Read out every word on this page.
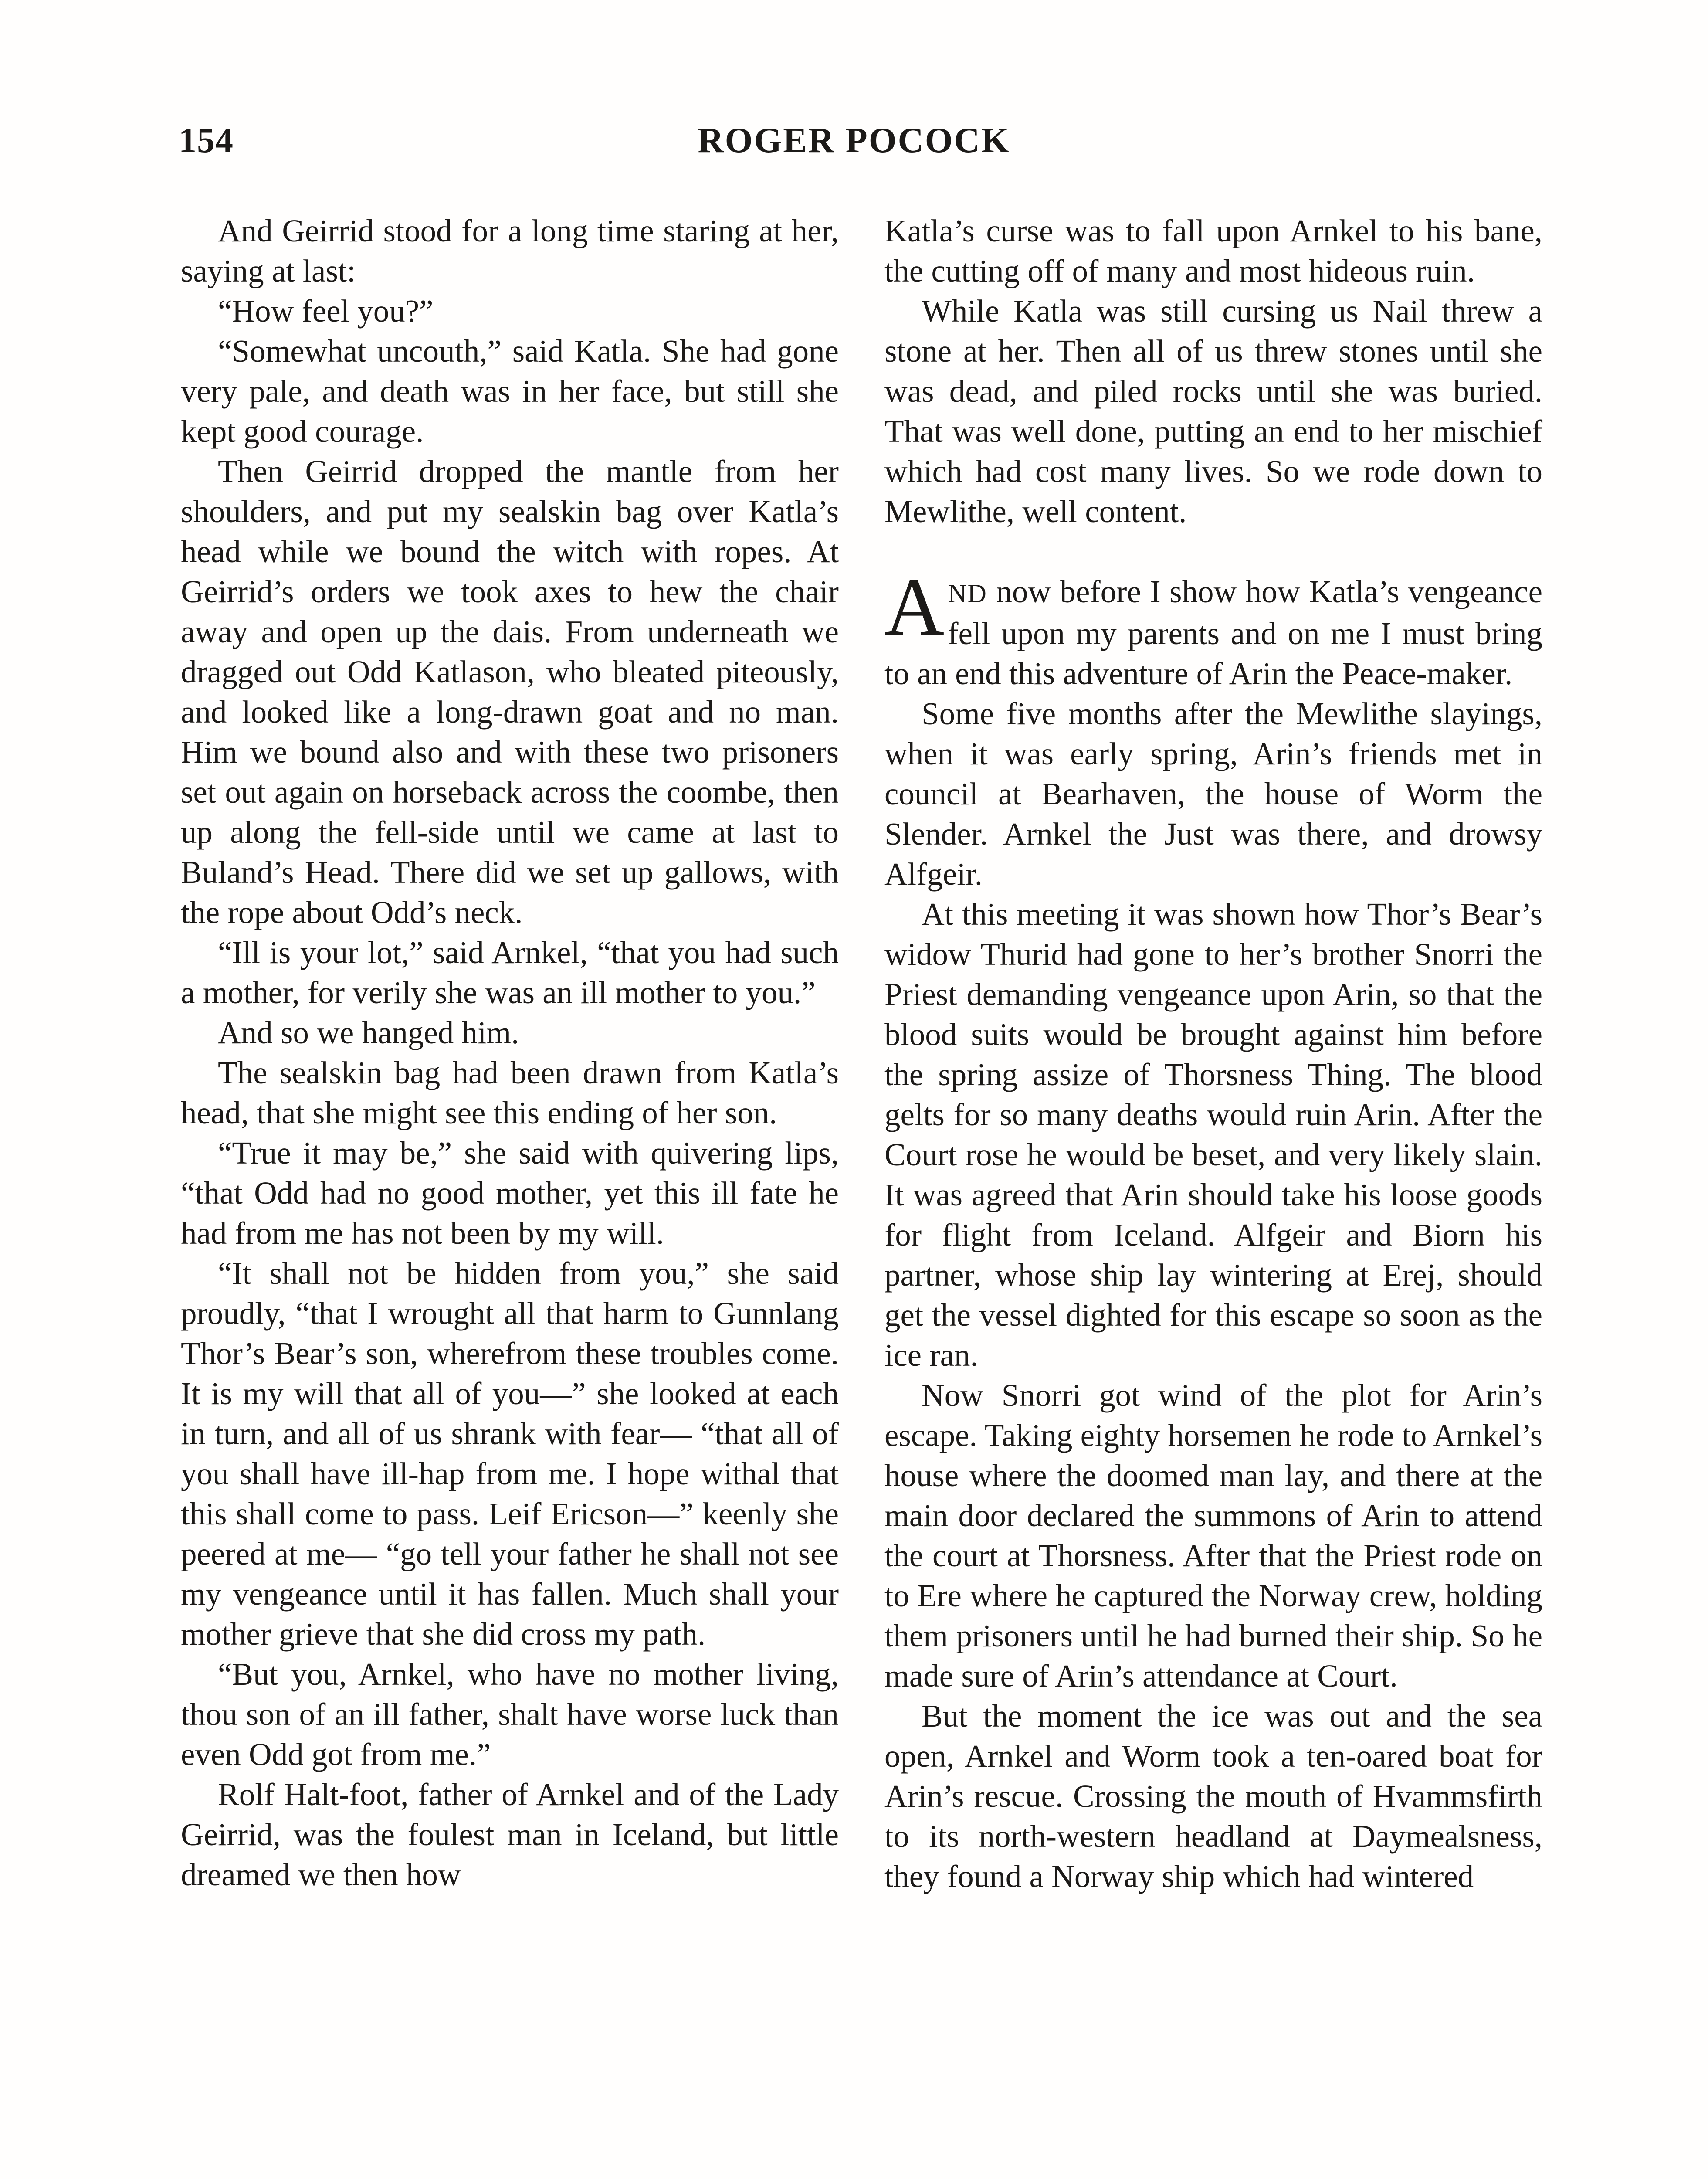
154	ROGER POCOCK

And Geirrid stood for a long time staring at her, saying at last:

“How feel you?”

“Somewhat uncouth,” said Katla. She had gone very pale, and death was in her face, but still she kept good courage.

Then Geirrid dropped the mantle from her shoulders, and put my sealskin bag over Katla’s head while we bound the witch with ropes. At Geirrid’s orders we took axes to hew the chair away and open up the dais. From underneath we dragged out Odd Katlason, who bleated piteously, and looked like a long-drawn goat and no man. Him we bound also and with these two prisoners set out again on horseback across the coombe, then up along the fell-side until we came at last to Buland’s Head. There did we set up gallows, with the rope about Odd’s neck.

“Ill is your lot,” said Arnkel, “that you had such a mother, for verily she was an ill mother to you.”

And so we hanged him.

The sealskin bag had been drawn from Katla’s head, that she might see this ending of her son.

“True it may be,” she said with quivering lips, “that Odd had no good mother, yet this ill fate he had from me has not been by my will.

“It shall not be hidden from you,” she said proudly, “that I wrought all that harm to Gunnlang Thor’s Bear’s son, wherefrom these troubles come. It is my will that all of you—” she looked at each in turn, and all of us shrank with fear— “that all of you shall have ill-hap from me. I hope withal that this shall come to pass. Leif Ericson—” keenly she peered at me— “go tell your father he shall not see my vengeance until it has fallen. Much shall your mother grieve that she did cross my path.

“But you, Arnkel, who have no mother living, thou son of an ill father, shalt have worse luck than even Odd got from me.”

Rolf Halt-foot, father of Arnkel and of the Lady Geirrid, was the foulest man in Iceland, but little dreamed we then how

Katla’s curse was to fall upon Arnkel to his bane, the cutting off of many and most hideous ruin.

While Katla was still cursing us Nail threw a stone at her. Then all of us threw stones until she was dead, and piled rocks until she was buried. That was well done, putting an end to her mischief which had cost many lives. So we rode down to Mewlithe, well content.

AND now before I show how Katla’s vengeance fell upon my parents and on me I must bring to an end this adventure of Arin the Peace-maker.

Some five months after the Mewlithe slayings, when it was early spring, Arin’s friends met in council at Bearhaven, the house of Worm the Slender. Arnkel the Just was there, and drowsy Alfgeir.

At this meeting it was shown how Thor’s Bear’s widow Thurid had gone to her’s brother Snorri the Priest demanding vengeance upon Arin, so that the blood suits would be brought against him before the spring assize of Thorsness Thing. The blood gelts for so many deaths would ruin Arin. After the Court rose he would be beset, and very likely slain. It was agreed that Arin should take his loose goods for flight from Iceland. Alfgeir and Biorn his partner, whose ship lay wintering at Erej, should get the vessel dighted for this escape so soon as the ice ran.

Now Snorri got wind of the plot for Arin’s escape. Taking eighty horsemen he rode to Arnkel’s house where the doomed man lay, and there at the main door declared the summons of Arin to attend the court at Thorsness. After that the Priest rode on to Ere where he captured the Norway crew, holding them prisoners until he had burned their ship. So he made sure of Arin’s attendance at Court.

But the moment the ice was out and the sea open, Arnkel and Worm took a ten-oared boat for Arin’s rescue. Crossing the mouth of Hvammsfirth to its north-western headland at Daymealsness, they found a Norway ship which had wintered
